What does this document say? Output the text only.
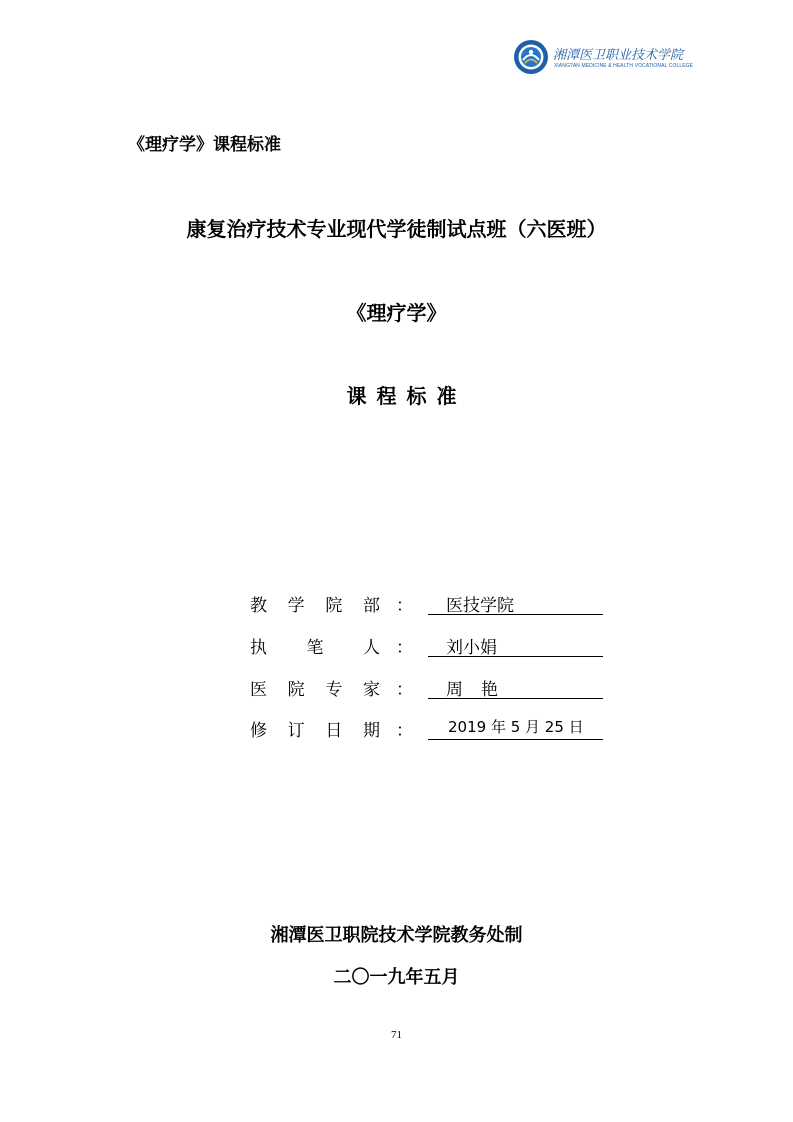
湘潭医卫职业技术学院
XIANGTAN MEDICINE & HEALTH VOCATIONAL COLLEGE
《理疗学》课程标准
康复治疗技术专业现代学徒制试点班（六医班）
《理疗学》
课程标准
教 学 院 部 ：	医技学院
执 笔 人 ：	刘小娟
医 院 专 家 ：	周艳
修 订 日 期 ：	2019 年 5 月 25 日
湘潭医卫职院技术学院教务处制
二〇一九年五月
71
